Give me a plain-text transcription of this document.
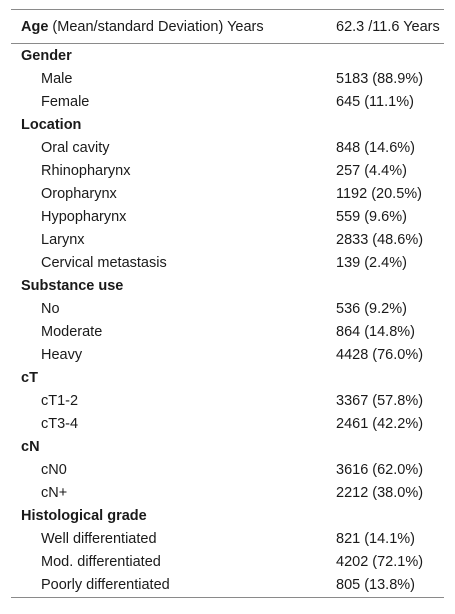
Age (Mean/standard Deviation) Years	62.3 /11.6 Years
Gender	
Male	5183 (88.9%)
Female	645 (11.1%)
Location	
Oral cavity	848 (14.6%)
Rhinopharynx	257 (4.4%)
Oropharynx	1192 (20.5%)
Hypopharynx	559 (9.6%)
Larynx	2833 (48.6%)
Cervical metastasis	139 (2.4%)
Substance use	
No	536 (9.2%)
Moderate	864 (14.8%)
Heavy	4428 (76.0%)
cT	
cT1-2	3367 (57.8%)
cT3-4	2461 (42.2%)
cN	
cN0	3616 (62.0%)
cN+	2212 (38.0%)
Histological grade	
Well differentiated	821 (14.1%)
Mod. differentiated	4202 (72.1%)
Poorly differentiated	805 (13.8%)
